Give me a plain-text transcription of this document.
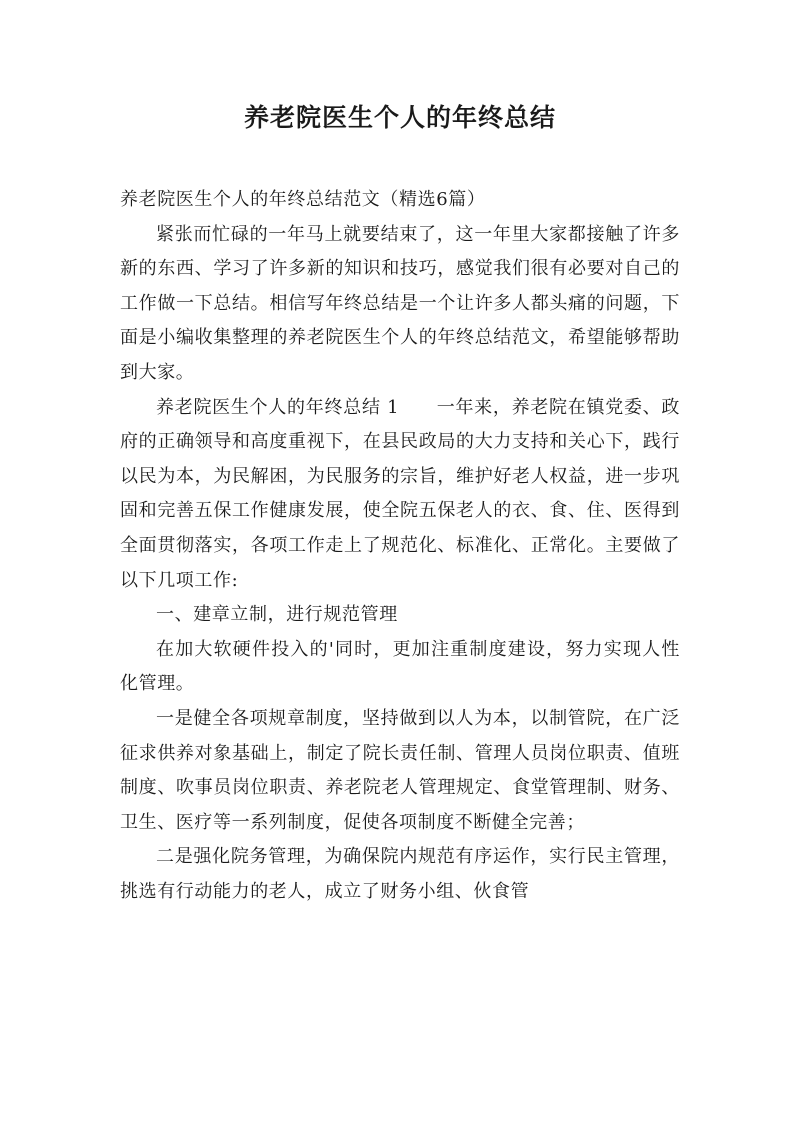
养老院医生个人的年终总结

养老院医生个人的年终总结范文（精选6篇）

紧张而忙碌的一年马上就要结束了，这一年里大家都接触了许多新的东西、学习了许多新的知识和技巧，感觉我们很有必要对自己的工作做一下总结。相信写年终总结是一个让许多人都头痛的问题，下面是小编收集整理的养老院医生个人的年终总结范文，希望能够帮助到大家。

养老院医生个人的年终总结 1　　一年来，养老院在镇党委、政府的正确领导和高度重视下，在县民政局的大力支持和关心下，践行以民为本，为民解困，为民服务的宗旨，维护好老人权益，进一步巩固和完善五保工作健康发展，使全院五保老人的衣、食、住、医得到全面贯彻落实，各项工作走上了规范化、标准化、正常化。主要做了以下几项工作:

一、建章立制，进行规范管理

在加大软硬件投入的'同时，更加注重制度建设，努力实现人性化管理。

一是健全各项规章制度，坚持做到以人为本，以制管院，在广泛征求供养对象基础上，制定了院长责任制、管理人员岗位职责、值班制度、吹事员岗位职责、养老院老人管理规定、食堂管理制、财务、卫生、医疗等一系列制度，促使各项制度不断健全完善；

二是强化院务管理，为确保院内规范有序运作，实行民主管理，挑选有行动能力的老人，成立了财务小组、伙食管
